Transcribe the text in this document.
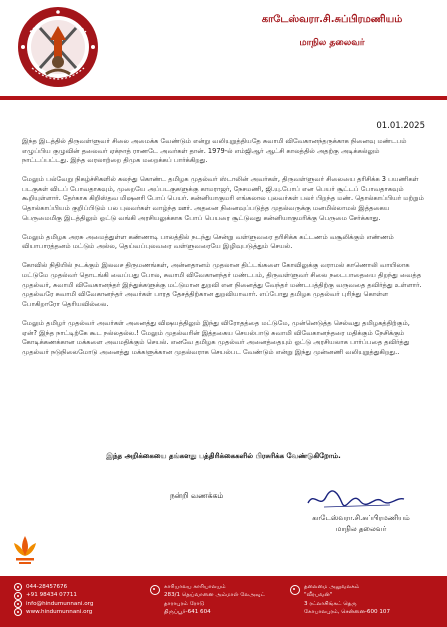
காடேஸ்வரா.சி.சுப்பிரமணியம்
மாநில தலைவர்
01.01.2025

இந்த இடத்தில் திருவள்ளுவர் சிலை அமைக்க வேண்டும் என்று வலியுறுத்தியதே சுவாமி விவேகானந்தருக்காக நினைவு மண்டபம் எழுப்பிய குழுவின் தலைவர் ஏக்நாத் ராணடே அவர்கள் தான். 1979-ல் எம்ஜிஆர் ஆட்சி காலத்தில் அதற்கு அடிக்கல்லும் நாட்டப்பட்டது. இந்த வரலாற்றை திமுக மறைக்கப் பார்க்கிறது.

மேலும் பல்வேறு நிகழ்ச்சிகளில் கலந்து கொண்ட தமிழக முதல்வர் ஸ்டாலின் அவர்கள், திருவள்ளுவர் சிலையை தரிசிக்க 3 பயணிகள் படகுகள் விடப் போவதாகவும், முறையே அப்படகுகளுக்கு காமராஜர், நேசமணி, ஜி.யு.போப் என பெயர் சூட்டப் போவதாகவும் கூறியுள்ளார். தேர்காக கிறிஸ்தவ மிஷனரி போப் பெயர். கன்னியாகுமரி எங்கலால புலவர்கள் பலர் பிறந்த மண். தொல்காப்பியர் மற்றும் தொல்காப்பியம் குறிப்பிடும் பல புலவர்கள் வாழ்ந்த ஊர். அதனை நினைவுப்படுத்த முதல்வருக்கு மனமில்லாமல் இத்தகைய பெருமைமிகு இடத்திலும் ஓட்டு வங்கி அரசியலுக்காக போப் பெயரை சூட்டுவது கன்னியாகுமரிக்கு பெருமை சேர்க்காது.

மேலும் தமிழக அரசு அமைத்துள்ள கண்ணாடி பாலத்தில் நடந்து சென்று வள்ளுவரை தரிசிக்க கட்டணம் வசூலிக்கும் எண்ணம் வியாபாரத்தனம் மட்டும் அல்ல, தெய்வப்புலவரை வள்ளுவரையே இழிவுபடுத்தும் செயல்.

கோவில் நிதியில் நடக்கும் இலவச திருமணங்கள், அன்னதானம் முதலான திட்டங்களை கோவிலுக்கு வராமல் காணொலி வாயிலாக மட்டுமே முதல்வர் தொடங்கி வைப்பது போல, சுவாமி விவேகானந்தர் மண்டபம், திருவள்ளுவர் சிலை நடைபாதையை திறந்து வைத்த முதல்வர், சுவாமி விவேகானந்தர் இந்துக்களுக்கு மட்டுமான துறவி என நினைத்து வேந்தர் மண்டபத்திற்கு வருவதை தவிர்த்து உள்ளார். முதல்வரே சுவாமி விவேகானந்தர் அவர்கள் பாரத தேசத்திற்கான துறவியாவார். எப்போது தமிழக முதல்வர் புரிந்து கொள்ள போகிறாரோ தெரியவில்லை.

மேலும் தமிழர் முதல்வர் அவர்கள் அனைத்து விஷயத்திலும் இந்து விரோதத்தை மட்டுமே, முன்னெடுத்த செல்வது தமிழகத்திற்கும், ஏன்? இந்த நாட்டிற்கே கூட நல்லதல்ல.! மேலும் முதல்வரின் இத்தகைய செயல்பாடு சுவாமி விவேகானந்தரை மதிக்கும் நேசிக்கும் கோடிக்கணக்கான மக்களை அவமதிக்கும் செயல். எனவே தமிழக முதல்வர் அனைத்தையும் ஓட்டு அரசியலாக பார்ப்பதை தவிர்த்து முதல்வர் நடுநிலைமோடு அனைத்து மக்களுக்கான முதல்வராக செயல்பட வேண்டும் என்று இந்து முன்னணி வலியுறுத்துகிறது..

இந்த அறிக்கையை தங்களது பத்திரிக்கைகளில் பிரசுரிக்க வேண்டுகிறோம்.
நன்றி வணக்கம்
காடேஸ்வரா.சி.சுப்பிரமணியம்
மாநில தலைவர்
044-28457676
+91 98434 07711
info@hindumunnani.org
www.hindumunnani.org
காரியாலய காரியாலயம்
283/1 தெய்வானை அம்மாள் லேஅவுட்
தாராபுரம் ரோடு
திருப்பூர்-641 604
தலைமை அலுவலகம்
"வீரபவன்"
3 ரட்லாசிங்கட் தெரு
கோபாலபுரம், சென்னை-600 107
